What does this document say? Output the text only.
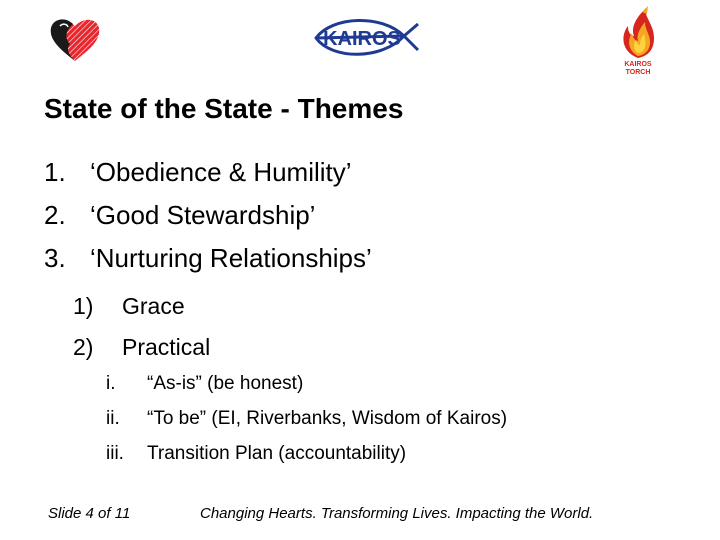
KAIROS
KAIROS
TORCH
State of the State - Themes
1. ‘Obedience & Humility’
2. ‘Good Stewardship’
3. ‘Nurturing Relationships’
1)	Grace
2)	Practical
i.	“As-is” (be honest)
ii.	“To be” (EI, Riverbanks, Wisdom of Kairos)
iii.	Transition Plan (accountability)
Slide 4 of 11	Changing Hearts. Transforming Lives. Impacting the World.
